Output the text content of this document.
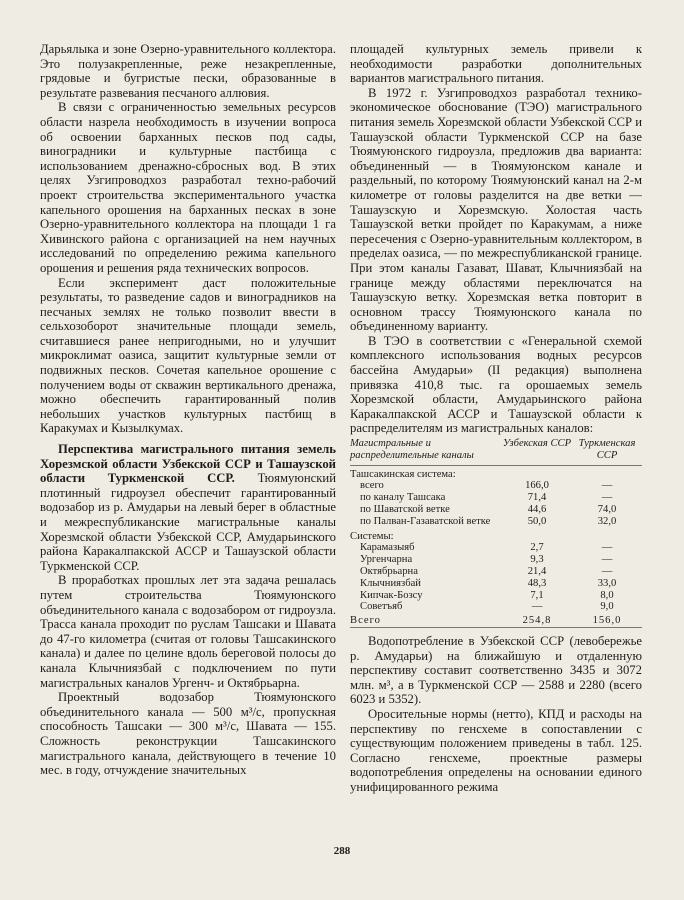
Дарьялыка и зоне Озерно-уравнительного коллектора. Это полузакрепленные, реже незакрепленные, грядовые и бугристые пески, образованные в результате развевания песчаного аллювия.

В связи с ограниченностью земельных ресурсов области назрела необходимость в изучении вопроса об освоении барханных песков под сады, виноградники и культурные пастбища с использованием дренажно-сбросных вод. В этих целях Узгипроводхоз разработал техно-рабочий проект строительства экспериментального участка капельного орошения на барханных песках в зоне Озерно-уравнительного коллектора на площади 1 га Хивинского района с организацией на нем научных исследований по определению режима капельного орошения и решения ряда технических вопросов.

Если эксперимент даст положительные результаты, то разведение садов и виноградников на песчаных землях не только позволит ввести в сельхозоборот значительные площади земель, считавшиеся ранее непригодными, но и улучшит микроклимат оазиса, защитит культурные земли от подвижных песков. Сочетая капельное орошение с получением воды от скважин вертикального дренажа, можно обеспечить гарантированный полив небольших участков культурных пастбищ в Каракумах и Кызылкумах.

Перспектива магистрального питания земель Хорезмской области Узбекской ССР и Ташаузской области Туркменской ССР. Тюямуюнский плотинный гидроузел обеспечит гарантированный водозабор из р. Амударьи на левый берег в областные и межреспубликанские магистральные каналы Хорезмской области Узбекской ССР, Амударьинского района Каракалпакской АССР и Ташаузской области Туркменской ССР.

В проработках прошлых лет эта задача решалась путем строительства Тюямуюнского объединительного канала с водозабором от гидроузла. Трасса канала проходит по руслам Ташсаки и Шавата до 47-го километра (считая от головы Ташсакинского канала) и далее по целине вдоль береговой полосы до канала Клычниязбай с подключением по пути магистральных каналов Ургенч- и Октябрьарна.

Проектный водозабор Тюямуюнского объединительного канала — 500 м³/с, пропускная способность Ташсаки — 300 м³/с, Шавата — 155. Сложность реконструкции Ташсакинского магистрального канала, действующего в течение 10 мес. в году, отчуждение значительных

площадей культурных земель привели к необходимости разработки дополнительных вариантов магистрального питания.

В 1972 г. Узгипроводхоз разработал технико-экономическое обоснование (ТЭО) магистрального питания земель Хорезмской области Узбекской ССР и Ташаузской области Туркменской ССР на базе Тюямуюнского гидроузла, предложив два варианта: объединенный — в Тюямуюнском канале и раздельный, по которому Тюямуюнский канал на 2-м километре от головы разделится на две ветки — Ташаузскую и Хорезмскую. Холостая часть Ташаузской ветки пройдет по Каракумам, а ниже пересечения с Озерно-уравнительным коллектором, в пределах оазиса, — по межреспубликанской границе. При этом каналы Газават, Шават, Клычниязбай на границе между областями переключатся на Ташаузскую ветку. Хорезмская ветка повторит в основном трассу Тюямуюнского канала по объединенному варианту.

В ТЭО в соответствии с «Генеральной схемой комплексного использования водных ресурсов бассейна Амударьи» (II редакция) выполнена привязка 410,8 тыс. га орошаемых земель Хорезмской области, Амударьинского района Каракалпакской АССР и Ташаузской области к распределителям из магистральных каналов:

Магистральные и распределительные каналы	Узбекская ССР	Туркменская ССР
Ташсакинская система:		
всего	166,0	—
по каналу Ташсака	71,4	—
по Шаватской ветке	44,6	74,0
по Палван-Газаватской ветке	50,0	32,0
Системы:		
Карамазыяб	2,7	—
Ургенчарна	9,3	—
Октябрьарна	21,4	—
Клычниязбай	48,3	33,0
Кипчак-Бозсу	7,1	8,0
Советъяб	—	9,0
Всего	254,8	156,0

Водопотребление в Узбекской ССР (левобережье р. Амударьи) на ближайшую и отдаленную перспективу составит соответственно 3435 и 3072 млн. м³, а в Туркменской ССР — 2588 и 2280 (всего 6023 и 5352).

Оросительные нормы (нетто), КПД и расходы на перспективу по генсхеме в сопоставлении с существующим положением приведены в табл. 125. Согласно генсхеме, проектные размеры водопотребления определены на основании единого унифицированного режима

288
